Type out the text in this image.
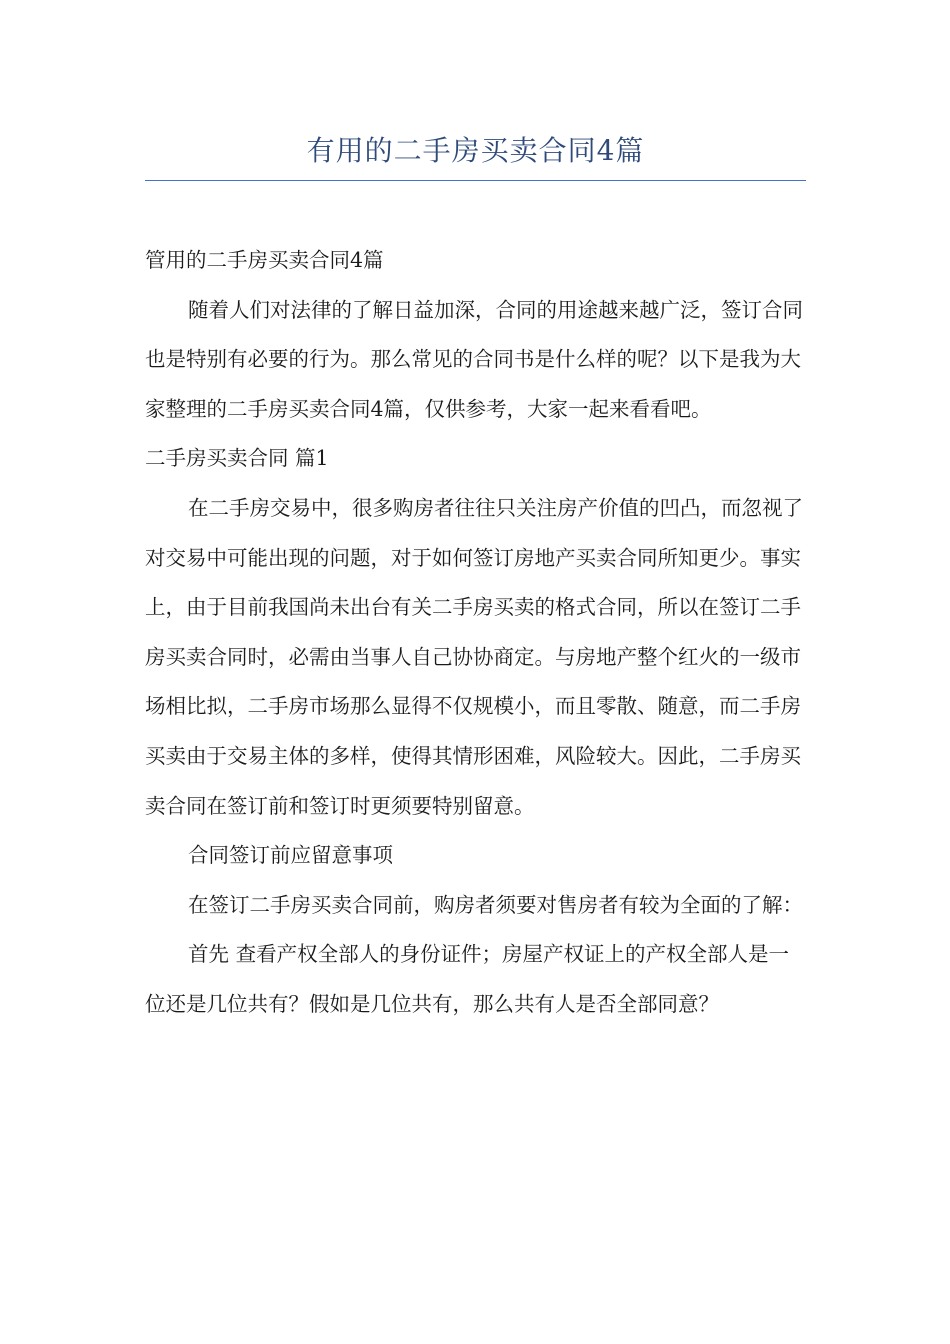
有用的二手房买卖合同4篇

管用的二手房买卖合同4篇

随着人们对法律的了解日益加深，合同的用途越来越广泛，签订合同也是特别有必要的行为。那么常见的合同书是什么样的呢？以下是我为大家整理的二手房买卖合同4篇，仅供参考，大家一起来看看吧。

二手房买卖合同 篇1

在二手房交易中，很多购房者往往只关注房产价值的凹凸，而忽视了对交易中可能出现的问题，对于如何签订房地产买卖合同所知更少。事实上，由于目前我国尚未出台有关二手房买卖的格式合同，所以在签订二手房买卖合同时，必需由当事人自己协协商定。与房地产整个红火的一级市场相比拟，二手房市场那么显得不仅规模小，而且零散、随意，而二手房买卖由于交易主体的多样，使得其情形困难，风险较大。因此，二手房买卖合同在签订前和签订时更须要特别留意。

合同签订前应留意事项

在签订二手房买卖合同前，购房者须要对售房者有较为全面的了解：

首先 查看产权全部人的身份证件；房屋产权证上的产权全部人是一位还是几位共有？假如是几位共有，那么共有人是否全部同意？
